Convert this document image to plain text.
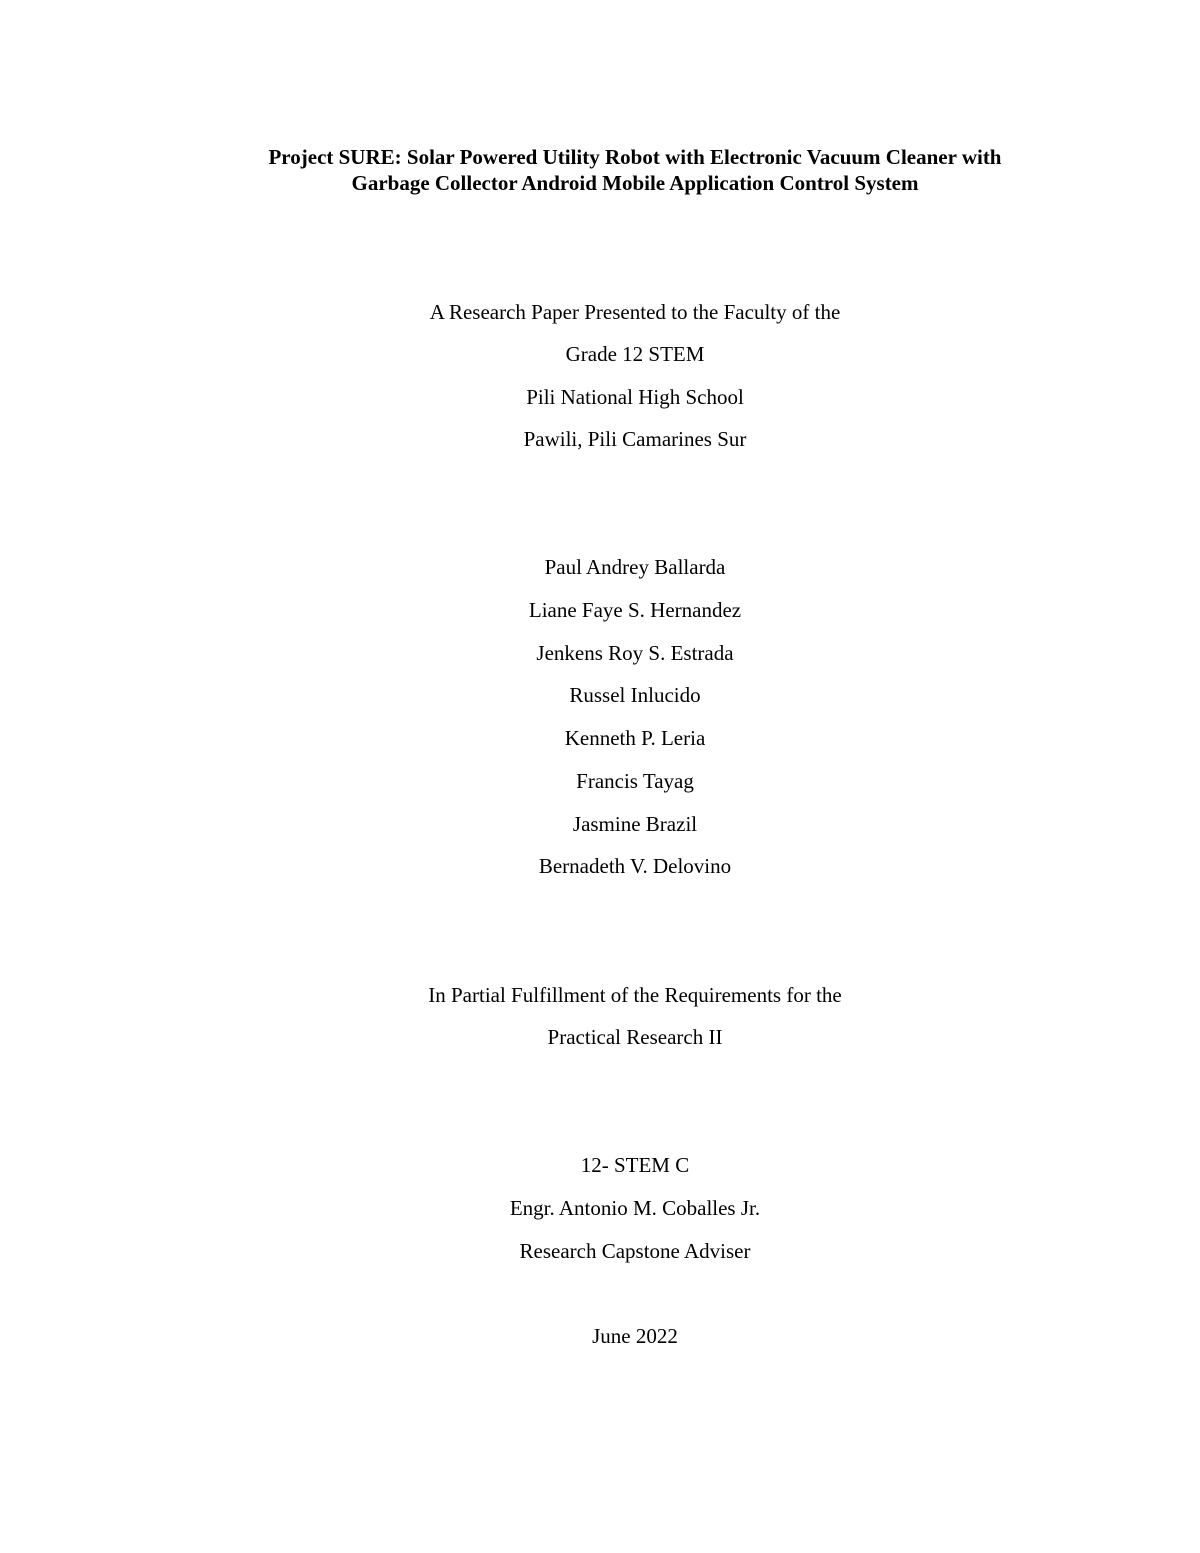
Project SURE: Solar Powered Utility Robot with Electronic Vacuum Cleaner with
Garbage Collector Android Mobile Application Control System
A Research Paper Presented to the Faculty of the
Grade 12 STEM
Pili National High School
Pawili, Pili Camarines Sur
Paul Andrey Ballarda
Liane Faye S. Hernandez
Jenkens Roy S. Estrada
Russel Inlucido
Kenneth P. Leria
Francis Tayag
Jasmine Brazil
Bernadeth V. Delovino
In Partial Fulfillment of the Requirements for the
Practical Research II
12- STEM C
Engr. Antonio M. Coballes Jr.
Research Capstone Adviser
June 2022
